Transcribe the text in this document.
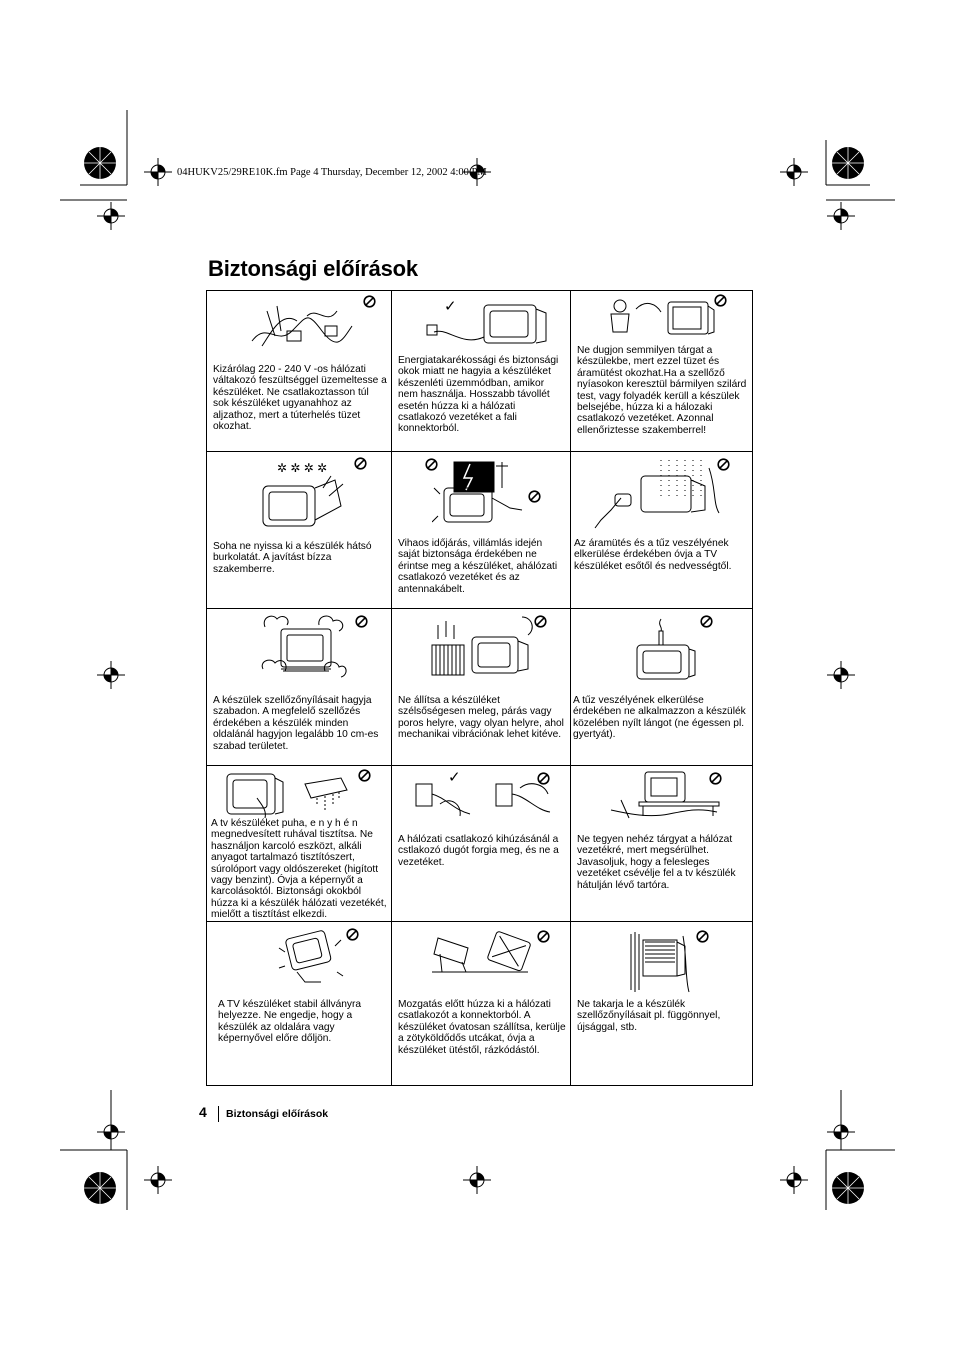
04HUKV25/29RE10K.fm Page 4 Thursday, December 12, 2002 4:00 PM
Biztonsági előírások
Kizárólag 220 - 240 V -os hálózati váltakozó feszültséggel üzemeltesse a készüléket. Ne csatlakoztasson túl sok készüléket ugyanahhoz az aljzathoz, mert a túterhelés tüzet okozhat.
✓
Energiatakarékossági és biztonsági okok miatt ne hagyia a készüléket készenléti üzemmódban, amikor nem használja. Hosszabb távollét esetén húzza ki a hálózati csatlakozó vezetéket a fali konnektorból.
Ne dugjon semmilyen tárgat a készülekbe, mert ezzel tüzet és áramütést okozhat.Ha a szellőző nyíasokon keresztül bármilyen szilárd test, vagy folyadék kerüll a készülek belsejébe, húzza ki a hálozaki csatlakozó vezetéket. Azonnal ellenőriztesse szakemberrel!
✲ ✲ ✲ ✲
Soha ne nyissa ki a készülék hátsó burkolatát. A javítást bízza szakemberre.
Vihaos időjárás, villámlás idején saját biztonsága érdekében ne érintse meg a készüléket, ahálózati csatlakozó vezetéket és az antennakábelt.
Az áramütés és a tűz veszélyének elkerülése érdekében óvja a TV készüléket esőtől és nedvességtől.
A készülek szellőzőnyílásait hagyja szabadon. A megfelelő szellőzés érdekében a készülék minden oldalánál hagyjon legalább 10 cm-es szabad területet.
Ne állítsa a készüléket szélsőségesen meleg, párás vagy poros helyre, vagy olyan helyre, ahol mechanikai vibrációnak lehet kitéve.
A tűz veszélyének elkerülése érdekében ne alkalmazzon a készülék közelében nyílt lángot (ne égessen pl. gyertyát).
A tv készüléket puha, e n y h é n megnedvesített ruhával tisztítsa. Ne használjon karcoló eszközt, alkáli anyagot tartalmazó tisztítószert, súrolóport vagy oldószereket (higított vagy benzint). Óvja a képernyőt a karcolásoktól. Biztonsági okokból húzza ki a készülék hálózati vezetékét, mielőtt a tisztítást elkezdi.
✓
A hálózati csatlakozó kihúzásánál a cstlakozó dugót forgia meg, és ne a vezetéket.
Ne tegyen nehéz tárgyat a hálózat vezetékré, mert megsérülhet. Javasoljuk, hogy a felesleges vezetéket csévélje fel a tv készülék hátulján lévő tartóra.
A TV készüléket stabil állványra helyezze. Ne engedje, hogy a készülék az oldalára vagy képernyővel előre dőljön.
Mozgatás előtt húzza ki a hálózati csatlakozót a konnektorból. A készüléket óvatosan szállítsa, kerülje a zötyköldődős utcákat, óvja a készüléket ütéstől, rázkódástól.
Ne takarja le a készülék szellőzőnyílásait pl. függönnyel, újsággal, stb.
4 Biztonsági előírások
